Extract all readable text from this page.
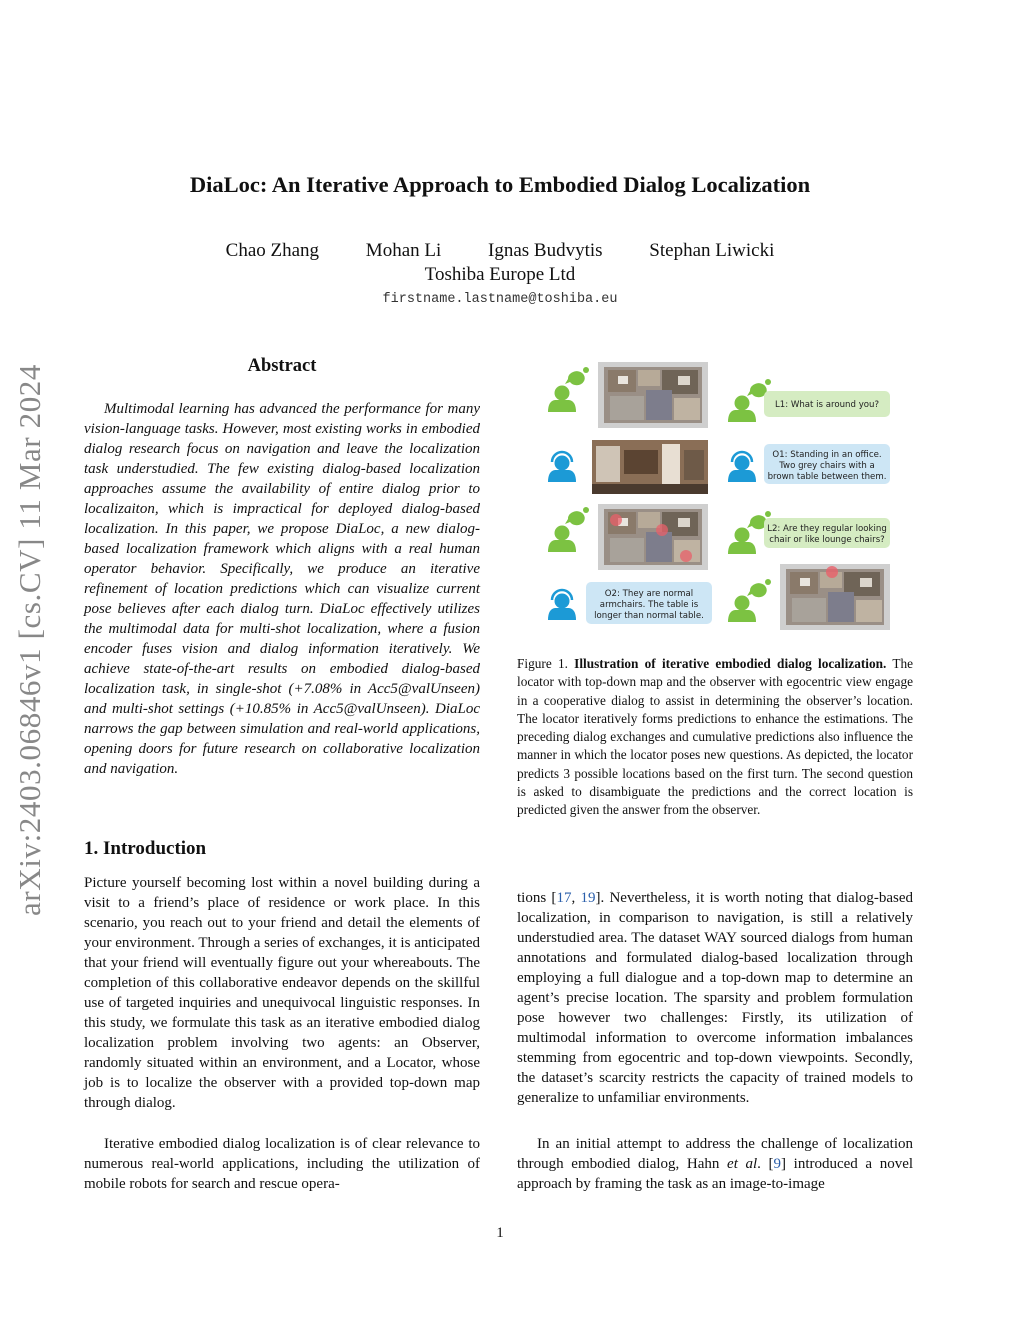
DiaLoc: An Iterative Approach to Embodied Dialog Localization
Chao Zhang Mohan Li Ignas Budvytis Stephan Liwicki
Toshiba Europe Ltd
firstname.lastname@toshiba.eu
arXiv:2403.06846v1 [cs.CV] 11 Mar 2024	Abstract
Multimodal learning has advanced the performance for many vision-language tasks. However, most existing works in embodied dialog research focus on navigation and leave the localization task understudied. The few existing dialog-based localization approaches assume the availability of entire dialog prior to localizaiton, which is impractical for deployed dialog-based localization. In this paper, we propose DiaLoc, a new dialog-based localization framework which aligns with a real human operator behavior. Specifically, we produce an iterative refinement of location predictions which can visualize current pose believes after each dialog turn. DiaLoc effectively utilizes the multimodal data for multi-shot localization, where a fusion encoder fuses vision and dialog information iteratively. We achieve state-of-the-art results on embodied dialog-based localization task, in single-shot (+7.08% in Acc5@valUnseen) and multi-shot settings (+10.85% in Acc5@valUnseen). DiaLoc narrows the gap between simulation and real-world applications, opening doors for future research on collaborative localization and navigation.
1. Introduction
Picture yourself becoming lost within a novel building during a visit to a friend’s place of residence or work place. In this scenario, you reach out to your friend and detail the elements of your environment. Through a series of exchanges, it is anticipated that your friend will eventually figure out your whereabouts. The completion of this collaborative endeavor depends on the skillful use of targeted inquiries and unequivocal linguistic responses. In this study, we formulate this task as an iterative embodied dialog localization problem involving two agents: an Observer, randomly situated within an environment, and a Locator, whose job is to localize the observer with a provided top-down map through dialog.
Iterative embodied dialog localization is of clear relevance to numerous real-world applications, including the utilization of mobile robots for search and rescue opera-
L1: What is around you?
O1: Standing in an office.
Two grey chairs with a
brown table between them.
L2: Are they regular looking
chair or like lounge chairs?
O2: They are normal
armchairs. The table is
longer than normal table.
Figure 1. Illustration of iterative embodied dialog localization. The locator with top-down map and the observer with egocentric view engage in a cooperative dialog to assist in determining the observer’s location. The locator iteratively forms predictions to enhance the estimations. The preceding dialog exchanges and cumulative predictions also influence the manner in which the locator poses new questions. As depicted, the locator predicts 3 possible locations based on the first turn. The second question is asked to disambiguate the predictions and the correct location is predicted given the answer from the observer.
tions [17, 19]. Nevertheless, it is worth noting that dialog-based localization, in comparison to navigation, is still a relatively understudied area. The dataset WAY sourced dialogs from human annotations and formulated dialog-based localization through employing a full dialogue and a top-down map to determine an agent’s precise location. The sparsity and problem formulation pose however two challenges: Firstly, its utilization of multimodal information to overcome information imbalances stemming from egocentric and top-down viewpoints. Secondly, the dataset’s scarcity restricts the capacity of trained models to generalize to unfamiliar environments.
In an initial attempt to address the challenge of localization through embodied dialog, Hahn et al. [9] introduced a novel approach by framing the task as an image-to-image
1
